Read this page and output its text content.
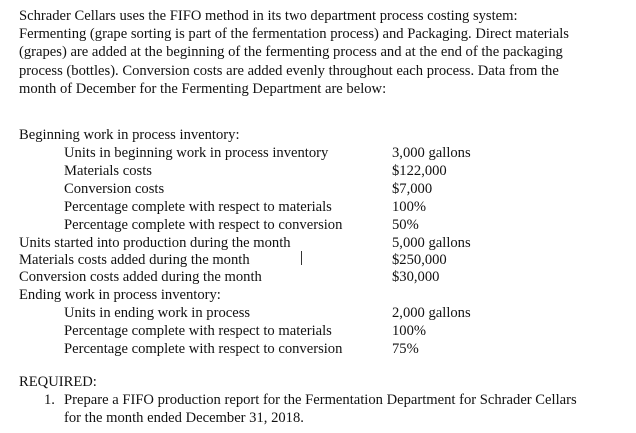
Schrader Cellars uses the FIFO method in its two department process costing system:
Fermenting (grape sorting is part of the fermentation process) and Packaging. Direct materials
(grapes) are added at the beginning of the fermenting process and at the end of the packaging
process (bottles). Conversion costs are added evenly throughout each process. Data from the
month of December for the Fermenting Department are below:
Beginning work in process inventory:
Units in beginning work in process inventory	3,000 gallons
Materials costs	$122,000
Conversion costs	$7,000
Percentage complete with respect to materials	100%
Percentage complete with respect to conversion	50%
Units started into production during the month	5,000 gallons
Materials costs added during the month	$250,000
Conversion costs added during the month	$30,000
Ending work in process inventory:
Units in ending work in process	2,000 gallons
Percentage complete with respect to materials	100%
Percentage complete with respect to conversion	75%
REQUIRED:
1. Prepare a FIFO production report for the Fermentation Department for Schrader Cellars
for the month ended December 31, 2018.
